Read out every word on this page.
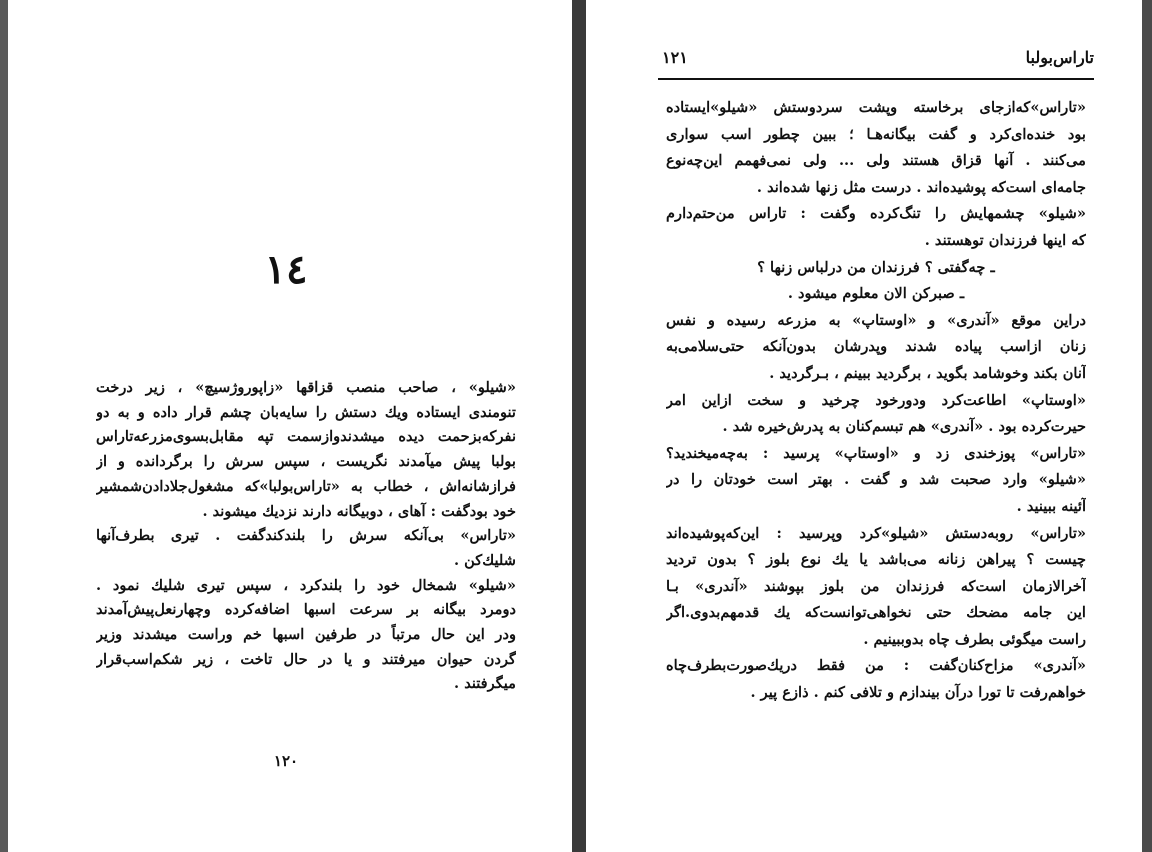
١٤
«شیلو» ، صاحب منصب قزاقها «زاپوروژسیچ» ، زیر درخت
تنومندی ایستاده ویك دستش را سایه‌بان چشم قرار داده و به دو
نفرکه‌بزحمت دیده میشدندوازسمت تپه مقابل‌بسوی‌مزرعه‌تاراس
بولبا پیش میآمدند نگریست ، سپس سرش را برگردانده و از
فرازشانه‌اش ، خطاب به «تاراس‌بولبا»که مشغول‌جلادادن‌شمشیر
خود بودگفت : آهای ، دوبیگانه دارند نزدیك میشوند .
«تاراس» بی‌آنکه سرش را بلندکندگفت . تیری بطرف‌آنها
شلیك‌کن .
«شیلو» شمخال خود را بلندکرد ، سپس تیری شلیك نمود .
دومرد بیگانه بر سرعت اسبها اضافه‌کرده وچهارنعل‌پیش‌آمدند
ودر این حال مرتباً در طرفین اسبها خم وراست میشدند وزیر
گردن حیوان میرفتند و یا در حال تاخت ، زیر شکم‌اسب‌قرار
میگرفتند .
١٢٠
تاراس‌بولبا
١٢١
«تاراس»که‌ازجای برخاسته وپشت سردوستش «شیلو»ایستاده
بود خنده‌ای‌کرد و گفت بیگانه‌هـا ؛ ببین چطور اسب سواری
می‌کنند . آنها قزاق هستند ولی ... ولی نمی‌فهمم این‌چه‌نوع
جامه‌ای است‌که پوشیده‌اند . درست مثل زنها شده‌اند .
«شیلو» چشمهایش را تنگ‌کرده وگفت : تاراس من‌حتم‌دارم
که اینها فرزندان توهستند .
ـ چه‌گفتی ؟ فرزندان من درلباس زنها ؟
ـ صبرکن الان معلوم میشود .
دراین موقع «آندری» و «اوستاپ» به مزرعه رسیده و نفس
زنان ازاسب پیاده شدند وپدرشان بدون‌آنکه حتی‌سلامی‌به
آنان بکند وخوشامد بگوید ، برگردید ببینم ، بـرگردید .
«اوستاپ» اطاعت‌کرد ودورخود چرخید و سخت ازاین امر
حیرت‌کرده بود . «آندری» هم تبسم‌کنان به پدرش‌خیره شد .
«تاراس» پوزخندی زد و «اوستاپ» پرسید : به‌چه‌میخندید؟
«شیلو» وارد صحبت شد و گفت . بهتر است خودتان را در
آئینه ببینید .
«تاراس» روبه‌دستش «شیلو»کرد وپرسید : این‌که‌پوشیده‌اند
چیست ؟ پیراهن زنانه می‌باشد یا یك نوع بلوز ؟ بدون تردید
آخرالازمان است‌که فرزندان من بلوز بپوشند «آندری» بـا
این جامه مضحك حتی نخواهی‌توانست‌که یك قدمهم‌بدوی.اگر
راست میگوئی بطرف چاه بدوببینیم .
«آندری» مزاح‌کنان‌گفت : من فقط دریك‌صورت‌بطرف‌چاه
خواهم‌رفت تا تورا درآن بیندازم و تلافی کنم . ذازع پیر .
